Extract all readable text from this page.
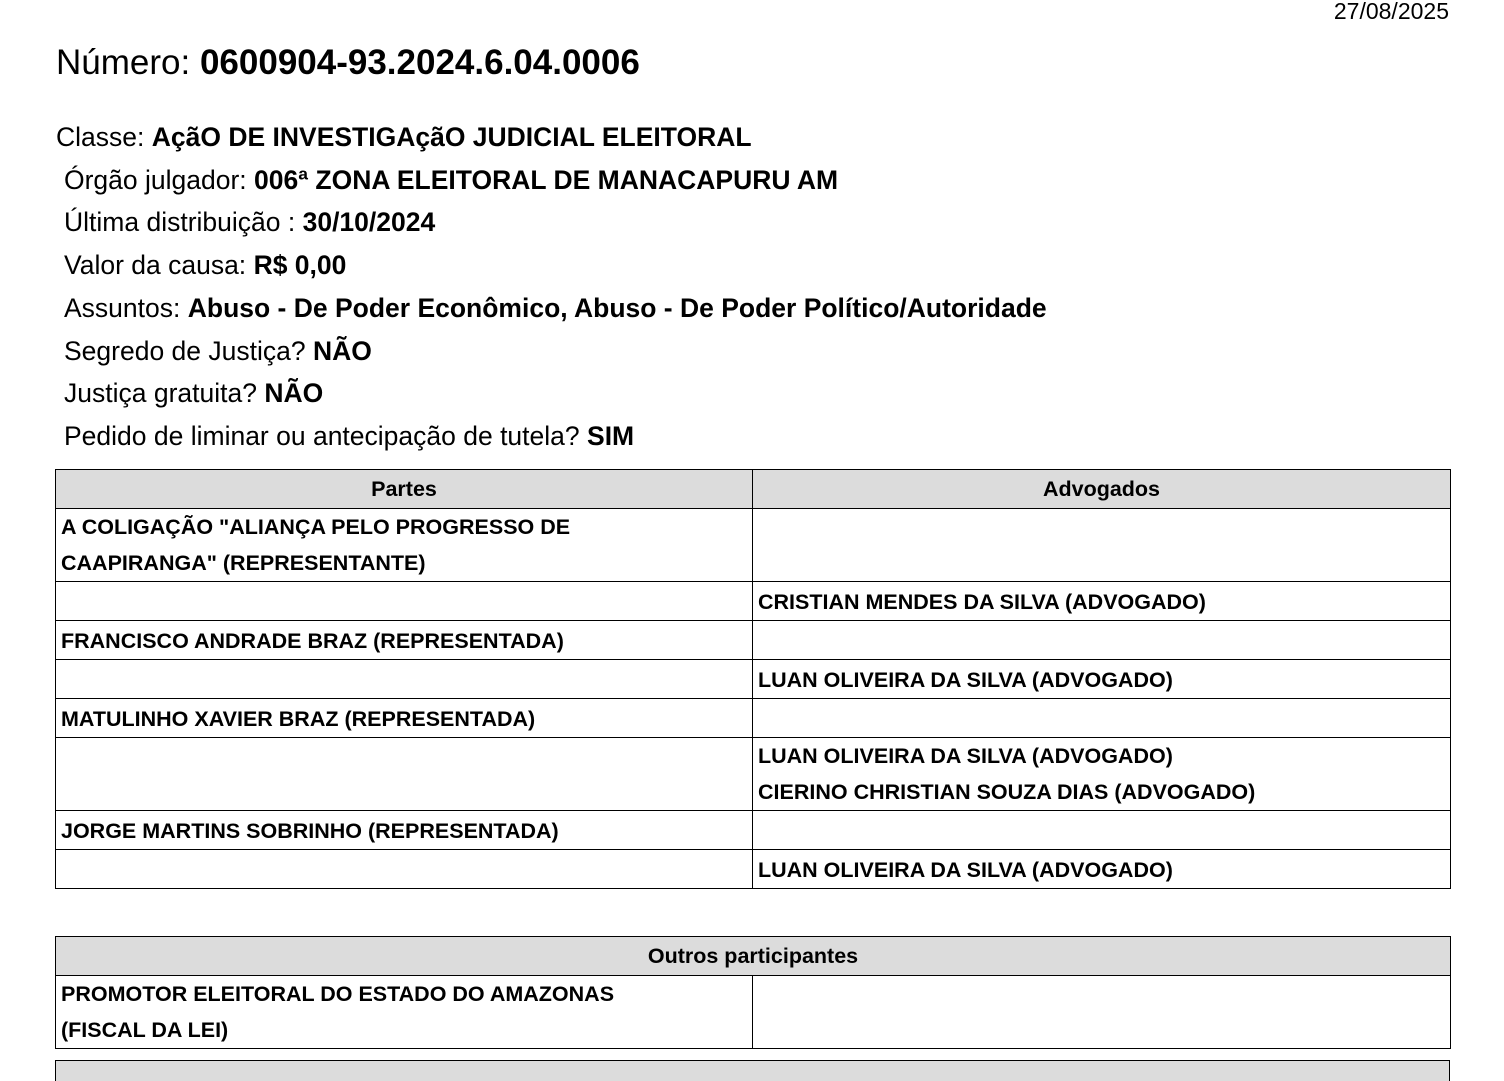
27/08/2025
Número: 0600904-93.2024.6.04.0006
Classe: AçãO DE INVESTIGAçãO JUDICIAL ELEITORAL
Órgão julgador: 006ª ZONA ELEITORAL DE MANACAPURU AM
Última distribuição : 30/10/2024
Valor da causa: R$ 0,00
Assuntos: Abuso - De Poder Econômico, Abuso - De Poder Político/Autoridade
Segredo de Justiça? NÃO
Justiça gratuita? NÃO
Pedido de liminar ou antecipação de tutela? SIM
Partes	Advogados

A COLIGAÇÃO "ALIANÇA PELO PROGRESSO DE
CAAPIRANGA" (REPRESENTANTE)	

	CRISTIAN MENDES DA SILVA (ADVOGADO)

FRANCISCO ANDRADE BRAZ (REPRESENTADA)	

	LUAN OLIVEIRA DA SILVA (ADVOGADO)

MATULINHO XAVIER BRAZ (REPRESENTADA)	

	LUAN OLIVEIRA DA SILVA (ADVOGADO)
CIERINO CHRISTIAN SOUZA DIAS (ADVOGADO)

JORGE MARTINS SOBRINHO (REPRESENTADA)	

	LUAN OLIVEIRA DA SILVA (ADVOGADO)
Outros participantes

PROMOTOR ELEITORAL DO ESTADO DO AMAZONAS
(FISCAL DA LEI)
